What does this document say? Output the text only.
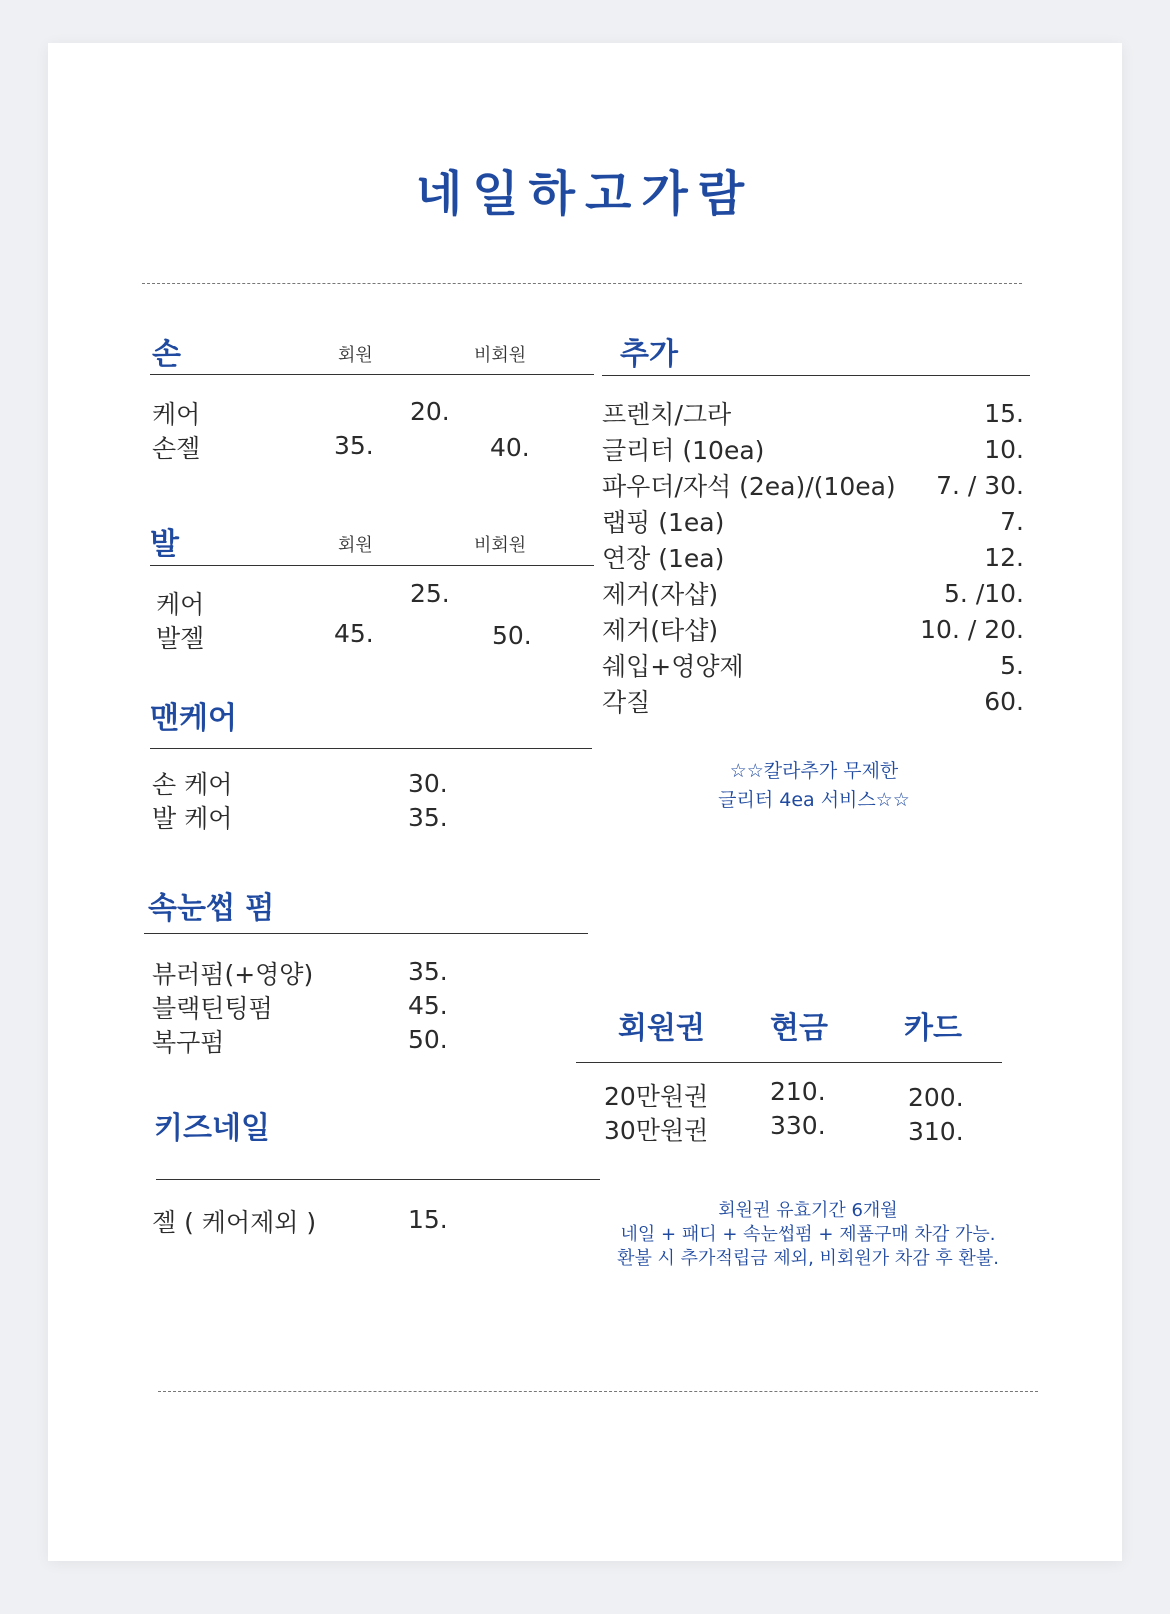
네일하고가람
손	회원	비회원
케어	20.
손젤	35.	40.
발	회원	비회원
케어	25.
발젤	45.	50.
맨케어
손 케어	30.
발 케어	35.
속눈썹 펌
뷰러펌(+영양)	35.
블랙틴팅펌	45.
복구펌	50.
키즈네일
젤 ( 케어제외 )	15.
추가
프렌치/그라	15.
글리터 (10ea)	10.
파우더/자석 (2ea)/(10ea)	7. / 30.
랩핑 (1ea)	7.
연장 (1ea)	12.
제거(자샵)	5. /10.
제거(타샵)	10. / 20.
쉐입+영양제	5.
각질	60.
☆☆칼라추가 무제한
글리터 4ea 서비스☆☆
회원권 현금	카드
20만원권 210.	200.
30만원권 330.	310.
회원권 유효기간 6개월
네일 + 패디 + 속눈썹펌 + 제품구매 차감 가능.
환불 시 추가적립금 제외, 비회원가 차감 후 환불.
